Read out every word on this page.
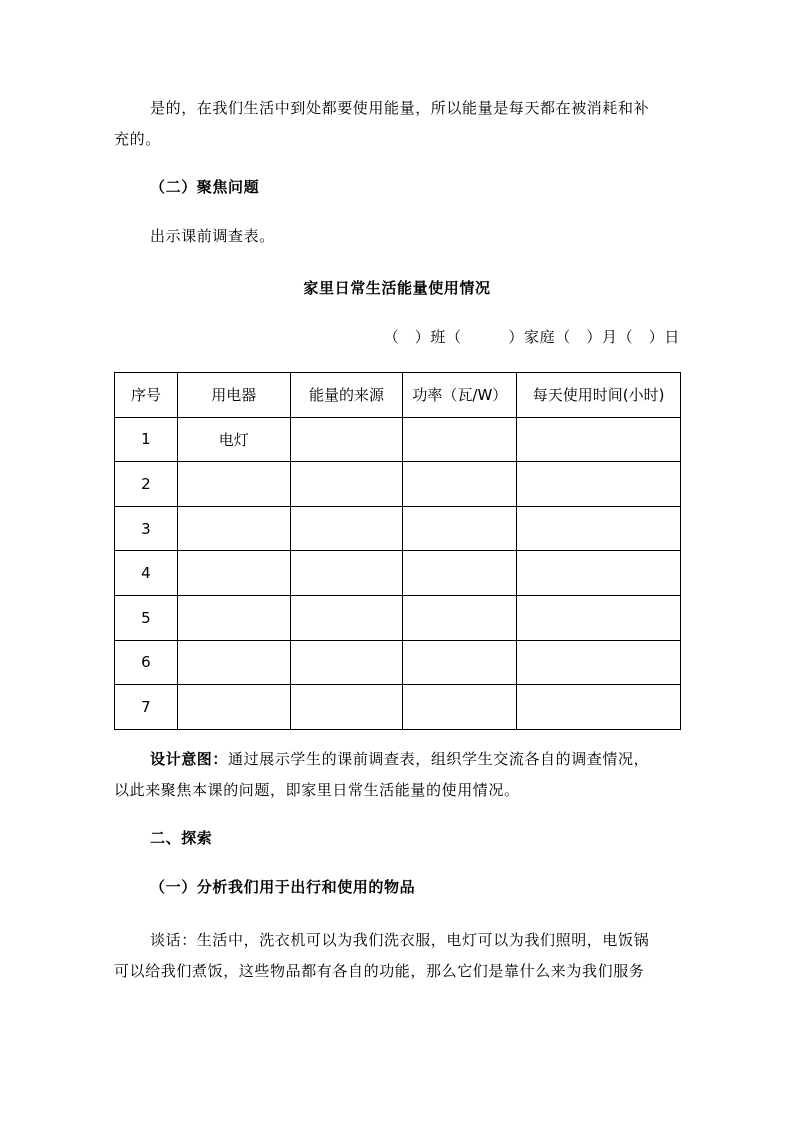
是的，在我们生活中到处都要使用能量，所以能量是每天都在被消耗和补
充的。
（二）聚焦问题
出示课前调查表。
家里日常生活能量使用情况
（　）班（　　　）家庭（　）月（　）日
序号	用电器	能量的来源	功率（瓦/W）	每天使用时间(小时)
1	电灯			
2				
3				
4				
5				
6				
7				
设计意图：通过展示学生的课前调查表，组织学生交流各自的调查情况，
以此来聚焦本课的问题，即家里日常生活能量的使用情况。
二、探索
（一）分析我们用于出行和使用的物品
谈话：生活中，洗衣机可以为我们洗衣服，电灯可以为我们照明，电饭锅
可以给我们煮饭，这些物品都有各自的功能，那么它们是靠什么来为我们服务
